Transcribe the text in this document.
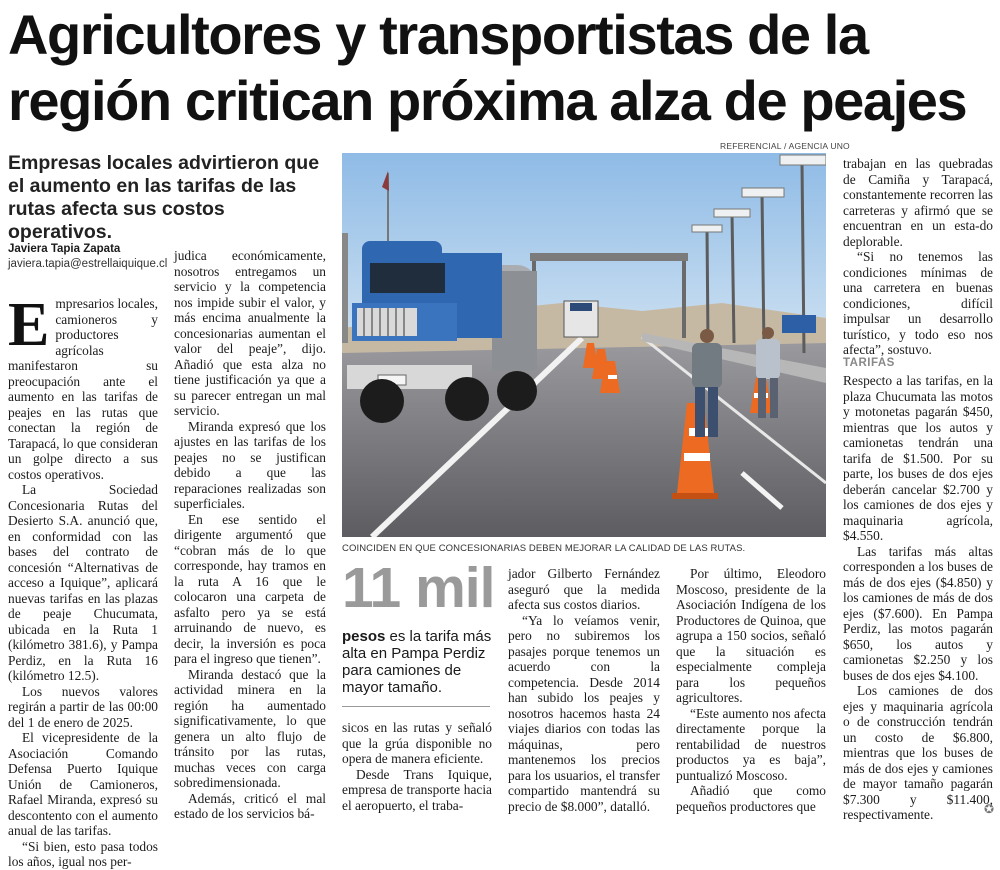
Agricultores y transportistas de la región critican próxima alza de peajes
Empresas locales advirtieron que el aumento en las tarifas de las rutas afecta sus costos operativos.
Javiera Tapia Zapata
javiera.tapia@estrellaiquique.cl

Empresarios locales, camioneros y productores agrícolas manifestaron su preocupación ante el aumento en las tarifas de peajes en las rutas que conectan la región de Tarapacá, lo que consideran un golpe directo a sus costos operativos.

La Sociedad Concesionaria Rutas del Desierto S.A. anunció que, en conformidad con las bases del contrato de concesión “Alternativas de acceso a Iquique”, aplicará nuevas tarifas en las plazas de peaje Chucumata, ubicada en la Ruta 1 (kilómetro 381.6), y Pampa Perdiz, en la Ruta 16 (kilómetro 12.5).

Los nuevos valores regirán a partir de las 00:00 del 1 de enero de 2025.

El vicepresidente de la Asociación Comando Defensa Puerto Iquique Unión de Camioneros, Rafael Miranda, expresó su descontento con el aumento anual de las tarifas.

“Si bien, esto pasa todos los años, igual nos per-

judica económicamente, nosotros entregamos un servicio y la competencia nos impide subir el valor, y más encima anualmente la concesionarias aumentan el valor del peaje”, dijo. Añadió que esta alza no tiene justificación ya que a su parecer entregan un mal servicio.

Miranda expresó que los ajustes en las tarifas de los peajes no se justifican debido a que las reparaciones realizadas son superficiales.

En ese sentido el dirigente argumentó que “cobran más de lo que corresponde, hay tramos en la ruta A 16 que le colocaron una carpeta de asfalto pero ya se está arruinando de nuevo, es decir, la inversión es poca para el ingreso que tienen”.

Miranda destacó que la actividad minera en la región ha aumentado significativamente, lo que genera un alto flujo de tránsito por las rutas, muchas veces con carga sobredimensionada.

Además, criticó el mal estado de los servicios bá-

REFERENCIAL / AGENCIA UNO
COINCIDEN EN QUE CONCESIONARIAS DEBEN MEJORAR LA CALIDAD DE LAS RUTAS.
11 mil
pesos es la tarifa más alta en Pampa Perdiz para camiones de mayor tamaño.

sicos en las rutas y señaló que la grúa disponible no opera de manera eficiente.

Desde Trans Iquique, empresa de transporte hacia el aeropuerto, el traba-

jador Gilberto Fernández aseguró que la medida afecta sus costos diarios.

“Ya lo veíamos venir, pero no subiremos los pasajes porque tenemos un acuerdo con la competencia. Desde 2014 han subido los peajes y nosotros hacemos hasta 24 viajes diarios con todas las máquinas, pero mantenemos los precios para los usuarios, el transfer compartido mantendrá su precio de $8.000”, datalló.

Por último, Eleodoro Moscoso, presidente de la Asociación Indígena de los Productores de Quinoa, que agrupa a 150 socios, señaló que la situación es especialmente compleja para los pequeños agricultores.

“Este aumento nos afecta directamente porque la rentabilidad de nuestros productos ya es baja”, puntualizó Moscoso.

Añadió que como pequeños productores que

trabajan en las quebradas de Camiña y Tarapacá, constantemente recorren las carreteras y afirmó que se encuentran en un esta-do deplorable.

“Si no tenemos las condiciones mínimas de una carretera en buenas condiciones, difícil impulsar un desarrollo turístico, y todo eso nos afecta”, sostuvo.

TARIFAS

Respecto a las tarifas, en la plaza Chucumata las motos y motonetas pagarán $450, mientras que los autos y camionetas tendrán una tarifa de $1.500. Por su parte, los buses de dos ejes deberán cancelar $2.700 y los camiones de dos ejes y maquinaria agrícola, $4.550.

Las tarifas más altas corresponden a los buses de más de dos ejes ($4.850) y los camiones de más de dos ejes ($7.600). En Pampa Perdiz, las motos pagarán $650, los autos y camionetas $2.250 y los buses de dos ejes $4.100.

Los camiones de dos ejes y maquinaria agrícola o de construcción tendrán un costo de $6.800, mientras que los buses de más de dos ejes y camiones de mayor tamaño pagarán $7.300 y $11.400, respectivamente.	✪
